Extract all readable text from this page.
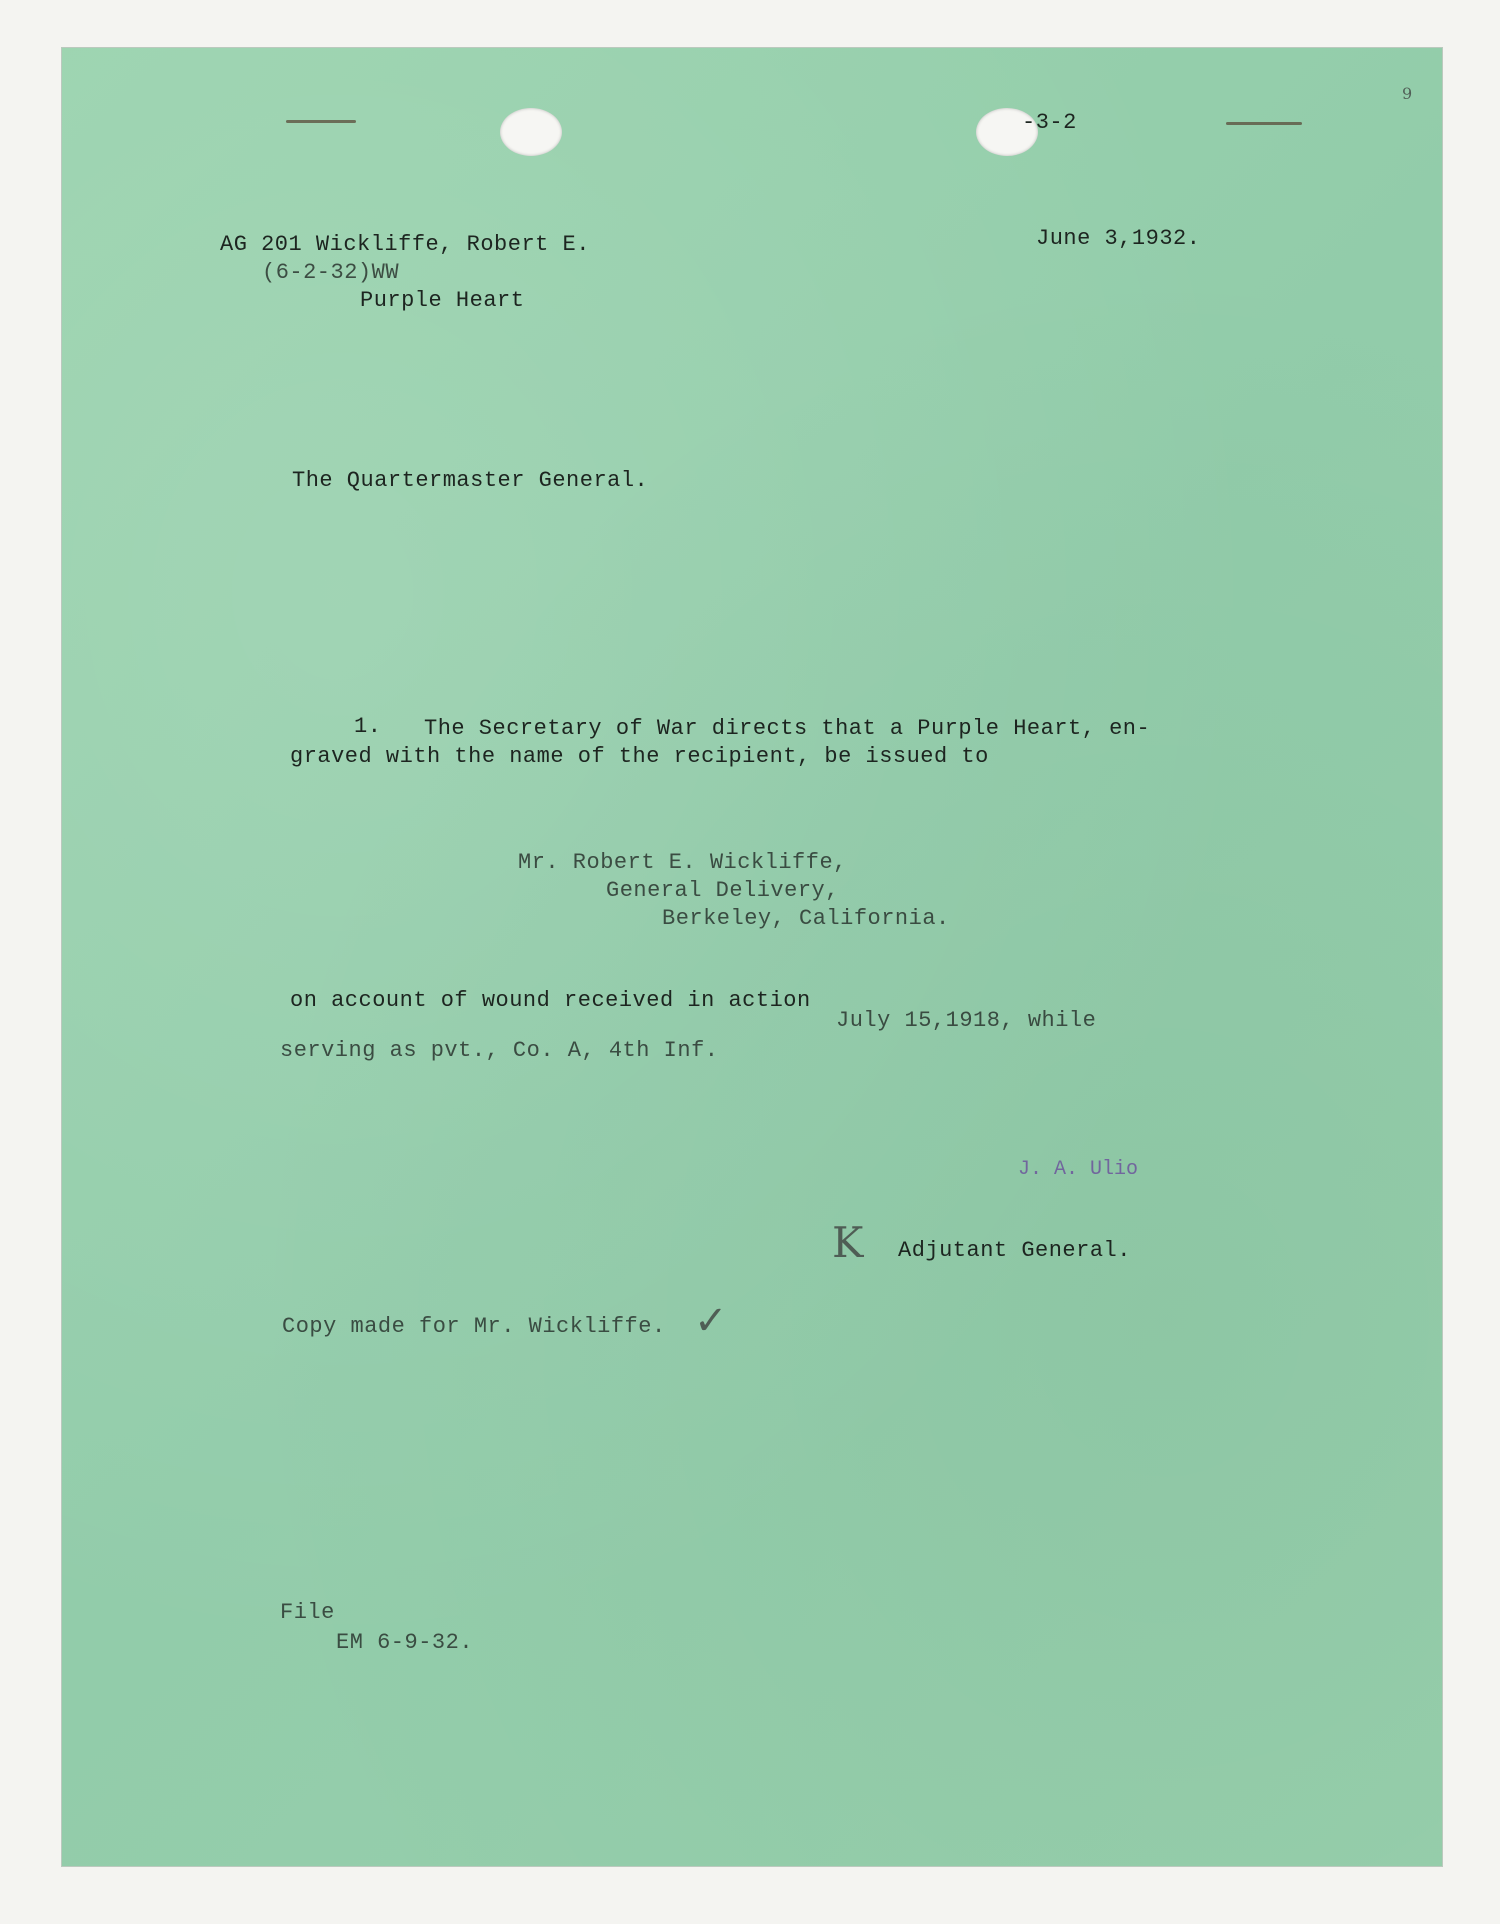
-3-2
9
AG 201 Wickliffe, Robert E.
(6-2-32)WW
Purple Heart
June 3,1932.
The Quartermaster General.
1. The Secretary of War directs that a Purple Heart, en-
graved with the name of the recipient, be issued to
Mr. Robert E. Wickliffe,
General Delivery,
Berkeley, California.
on account of wound received in action
July 15,1918, while
serving as pvt., Co. A, 4th Inf.
J. A. Ulio
K Adjutant General.
Copy made for Mr. Wickliffe. ✓
File
EM 6-9-32.
